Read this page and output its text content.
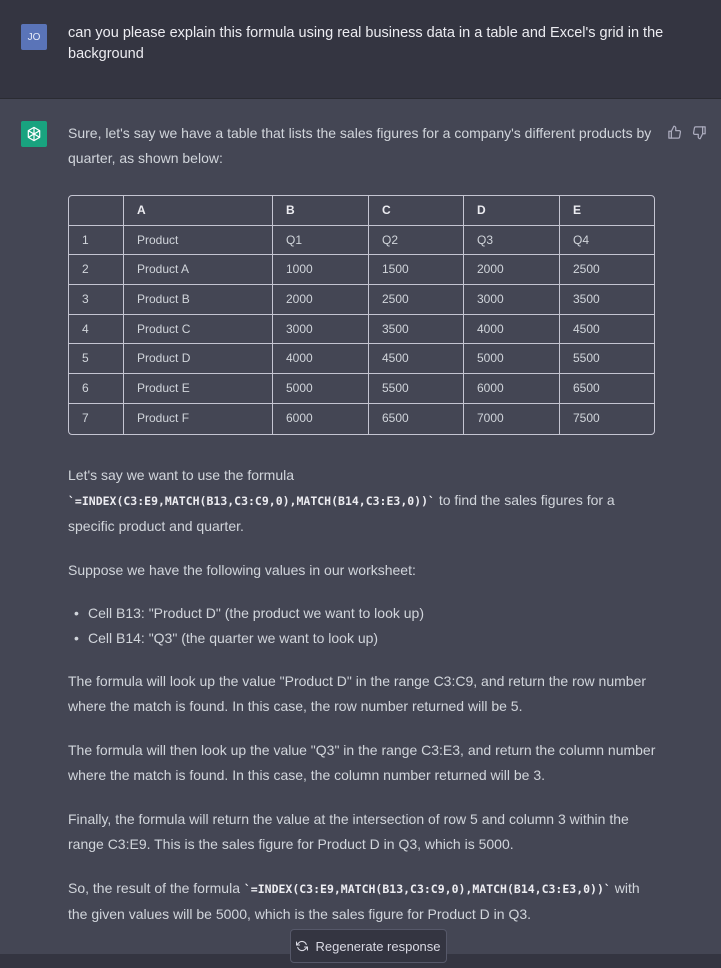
JO	can you please explain this formula using real business data in a table and Excel's grid in the background

Sure, let's say we have a table that lists the sales figures for a company's different products by quarter, as shown below:

	A	B	C	D	E
1	Product	Q1	Q2	Q3	Q4
2	Product A	1000	1500	2000	2500
3	Product B	2000	2500	3000	3500
4	Product C	3000	3500	4000	4500
5	Product D	4000	4500	5000	5500
6	Product E	5000	5500	6000	6500
7	Product F	6000	6500	7000	7500

Let's say we want to use the formula `=INDEX(C3:E9,MATCH(B13,C3:C9,0),MATCH(B14,C3:E3,0))` to find the sales figures for a specific product and quarter.

Suppose we have the following values in our worksheet:

• Cell B13: "Product D" (the product we want to look up)
• Cell B14: "Q3" (the quarter we want to look up)

The formula will look up the value "Product D" in the range C3:C9, and return the row number where the match is found. In this case, the row number returned will be 5.

The formula will then look up the value "Q3" in the range C3:E3, and return the column number where the match is found. In this case, the column number returned will be 3.

Finally, the formula will return the value at the intersection of row 5 and column 3 within the range C3:E9. This is the sales figure for Product D in Q3, which is 5000.

So, the result of the formula `=INDEX(C3:E9,MATCH(B13,C3:C9,0),MATCH(B14,C3:E3,0))` with the given values will be 5000, which is the sales figure for Product D in Q3.

Regenerate response
